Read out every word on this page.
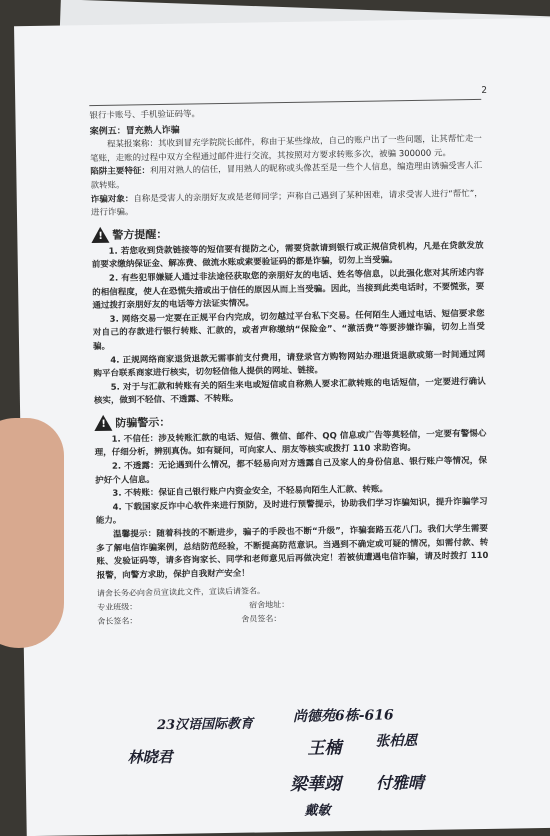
2

银行卡账号、手机验证码等。

案例五：冒充熟人诈骗

程某报案称：其收到冒充学院院长邮件，称由于某些缘故，自己的账户出了一些问题，让其帮忙走一笔账，走账的过程中双方全程通过邮件进行交流，其按照对方要求转账多次，被骗 300000 元。

陷阱主要特征：利用对熟人的信任，冒用熟人的昵称或头像甚至是一些个人信息，编造理由诱骗受害人汇款转账。

诈骗对象：自称是受害人的亲朋好友或是老师同学；声称自己遇到了某种困难，请求受害人进行“帮忙”，进行诈骗。

! 警方提醒：

1. 若您收到贷款链接等的短信要有提防之心，需要贷款请到银行或正规信贷机构，凡是在贷款发放前要求缴纳保证金、解冻费、做流水账或索要验证码的都是诈骗，切勿上当受骗。

2. 有些犯罪嫌疑人通过非法途径获取您的亲朋好友的电话、姓名等信息，以此强化您对其所述内容的相信程度，使人在恐慌失措或出于信任的原因从而上当受骗。因此，当接到此类电话时，不要慌张，要通过拨打亲朋好友的电话等方法证实情况。

3. 网络交易一定要在正规平台内完成，切勿越过平台私下交易。任何陌生人通过电话、短信要求您对自己的存款进行银行转账、汇款的，或者声称缴纳“保险金”、“激活费”等要涉嫌诈骗，切勿上当受骗。

4. 正规网络商家退货退款无需事前支付费用，请登录官方购物网站办理退货退款或第一时间通过网购平台联系商家进行核实，切勿轻信他人提供的网址、链接。

5. 对于与汇款和转账有关的陌生来电或短信或自称熟人要求汇款转账的电话短信，一定要进行确认核实，做到不轻信、不透露、不转账。

! 防骗警示：

1. 不信任：涉及转账汇款的电话、短信、微信、邮件、QQ 信息或广告等莫轻信，一定要有警惕心理，仔细分析，辨别真伪。如有疑问，可向家人、朋友等核实或拨打 110 求助咨询。

2. 不透露：无论遇到什么情况，都不轻易向对方透露自己及家人的身份信息、银行账户等情况，保护好个人信息。

3. 不转账：保证自己银行账户内资金安全，不轻易向陌生人汇款、转账。

4. 下载国家反诈中心软件来进行预防，及时进行预警提示，协助我们学习诈骗知识，提升诈骗学习能力。

温馨提示：随着科技的不断进步，骗子的手段也不断“升级”，诈骗套路五花八门。我们大学生需要多了解电信诈骗案例，总结防范经验，不断提高防范意识。当遇到不确定或可疑的情况，如需付款、转账、发验证码等，请多咨询家长、同学和老师意见后再做决定！若被侦遭遇电信诈骗，请及时拨打 110 报警，向警方求助，保护自我财产安全！

请舍长务必向舍员宣读此文件，宣读后请签名。

专业班级：	宿舍地址：

舍长签名：	舍员签名：

23汉语国际教育	尚德苑6栋-616
林晓君	王楠 张柏恩
梁華翊 付雅晴
戴敏
